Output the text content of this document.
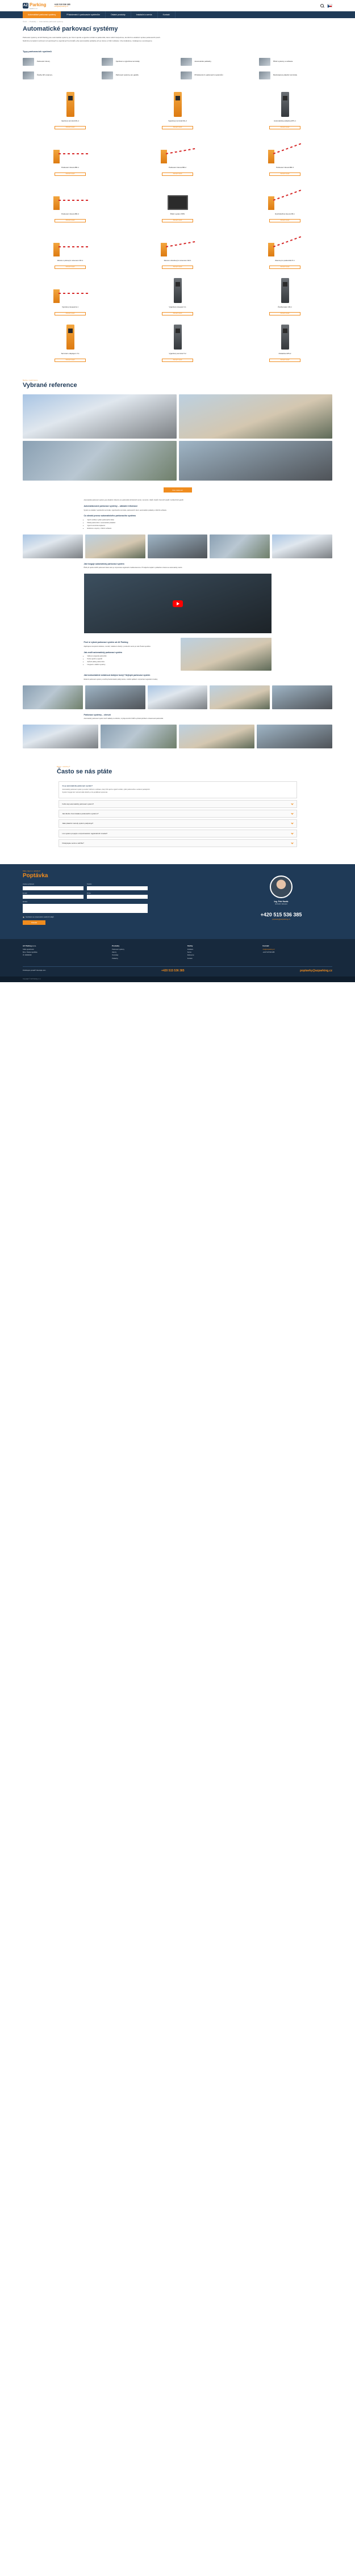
AZ Parking
Systém s.r.o.
+420 515 536 385
info@azparking.cz
Automatické parkovací systémy	Příslušenství k parkovacím systémům	Ostatní produkty	Instalační a servis	Kontakt
Úvod › Produkty › Automatické parkovací systémy
Automatické parkovací systémy

Parkovací systémy od AZ Parking jsou automatické systémy pro řízení vjezdu a výjezdu vozidel na parkoviště, které nabízí bezpečnou, komfortní a efektivní správu parkovacích ploch.

Nabízíme kompletní sortiment od vjezdových a výjezdových terminálů, přes automatické pokladny až po závory a řídicí software. Vše dodáváme, instalujeme a servisujeme.

Typy parkovacích systémů
Parkovací závory	Vjezdové a výjezdové terminály	Automatické pokladny	Řídicí systémy a software
Čtečky RZ a kamery	Parkovací systémy pro garáže	Příslušenství k parkovacím systémům	Bezdotykové platební terminály
Vjezdový terminál ML-1
Zobrazit detail
Výjezdový terminál ML-2
Zobrazit detail
Automatická pokladna APS-1
Zobrazit detail
Parkovací závora BR-1
Zobrazit detail
Parkovací závora BR-2
Zobrazit detail
Parkovací závora BR-3
Zobrazit detail
Parkovací závora BR-4
Zobrazit detail
Řídicí systém PMS
Zobrazit detail
Rychloběžná závora FB-1
Zobrazit detail
Závora s plotovým ramenem FR-1
Zobrazit detail
Závora s kloubovým ramenem AR-1
Zobrazit detail
Závora pro parkoviště P-1
Zobrazit detail
Vjezdový sloupek E-1
Zobrazit detail
Výjezdový sloupek X-1
Zobrazit detail
Čtečka karet CR-1
Zobrazit detail
Terminál s displejem T-1
Zobrazit detail
Výjezdový terminál T-2
Zobrazit detail
Pokladna APS-2
Zobrazit detail
Naše realizace
Vybrané reference
Více referencí

Automatické parkovací systémy jsou ideálním řešením pro parkoviště obchodních center, nemocnic, úřadů, hotelů, firemních areálů i rezidenčních garáží.

Automatizované parkovací systémy – základní informace

Systém se skládá z vjezdového terminálu, výjezdového terminálu, parkovacích závor, automatické pokladny a řídicího softwaru.

Co obnáší provoz automatického parkovacího systému
• Vjezd vozidla a vydání parkovacího lístku
• Platba parkovného v automatické pokladně
• Výjezd a kontrola zaplacení
• Evidence a reporty v řídicím software
Jak funguje automatický parkovací systém

Řidič při vjezdu obdrží parkovací lístek nebo je rozpoznána registrační značka kamerou. Při odjezdu zaplatí v pokladně a závora se automaticky otevře.

Proč si vybrat parkovací systém od AZ Parking

Zajišťujeme kompletní dodávku, montáž, zaškolení obsluhy i pozáruční servis po celé České republice.

Jak zvolit automatický parkovací systém
• Velikost a kapacita parkoviště
• Počet vjezdů a výjezdů
• Způsob platby parkovného
• Integrace s dalšími systémy
Jak bezkontaktně zvládnout dobíjecí body? Nejlepší parkovací systém

Moderní parkovací systémy umožňují bezkontaktní platby kartou, mobilní aplikací i rozpoznání registrační značky.

Parkovací systémy – shrnutí

Automatický parkovací systém šetří náklady na obsluhu, zvyšuje komfort řidičů a přináší přehled o obsazenosti parkoviště.

Máte otázky?
Často se nás ptáte
Co je automatický parkovací systém?

Automatický parkovací systém je soubor zařízení a softwaru, který řídí vjezd a výjezd vozidel, výběr parkovného a evidenci parkujících.

Systém funguje bez nutnosti stálé obsluhy a lze jej dálkově spravovat.

Kolik stojí automatický parkovací systém?
Jak dlouho trvá instalace parkovacího systému?
Jaké platební metody systém podporuje?
Lze systém propojit s rozpoznáváním registračních značek?
Poskytujete servis a údržbu?
Máte zájem o nabídku?
Poptávka
Jméno a příjmení	Telefon
E-mail	Firma
Zpráva
Souhlasím se zpracováním osobních údajů
Odeslat
Ing. Petr Horák
obchodní zástupce
+420 515 536 385
poptavky@azparking.cz
AZ Parking s.r.o.
Sídlo společnosti
Brno, Česká republika
IČ: 00000000
Produkty
Parkovací systémy
Závory
Terminály
Pokladny
Služby
Instalace
Servis
Reference
Kontakt
Kontakt
info@azparking.cz
+420 515 536 385
Potřebujete poradit? Zavolejte nám	+420 515 536 385	poptavky@azparking.cz
Copyright © AZ Parking s.r.o.
